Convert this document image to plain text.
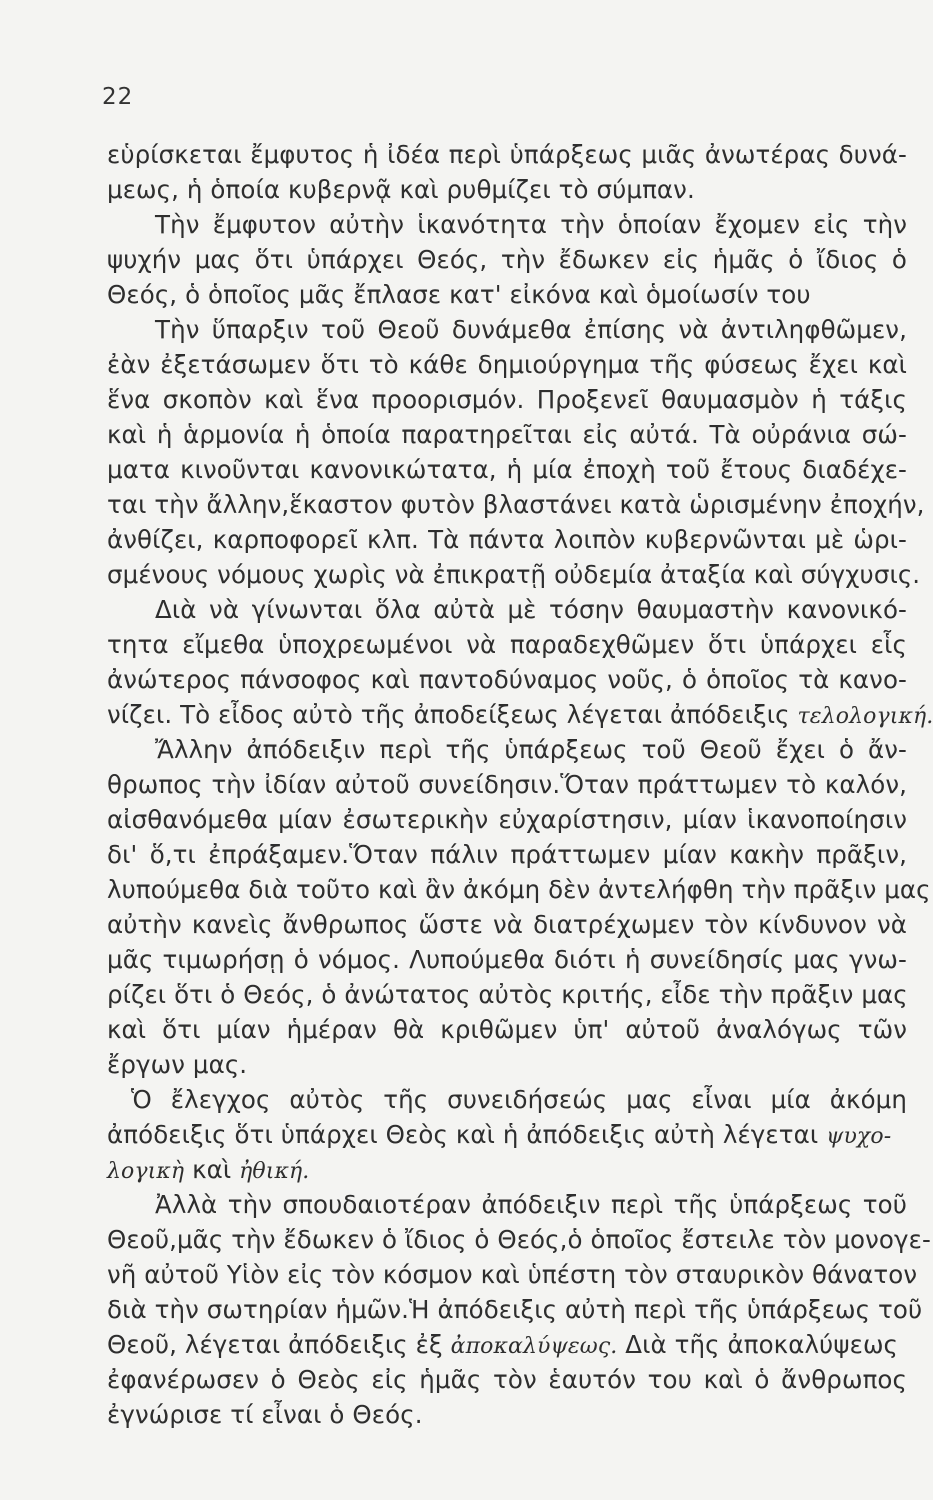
22
εὑρίσκεται ἔμφυτος ἡ ἰδέα περὶ ὑπάρξεως μιᾶς ἀνωτέρας δυνά-
μεως, ἡ ὁποία κυβερνᾷ καὶ ρυθμίζει τὸ σύμπαν.
Τὴν ἔμφυτον αὐτὴν ἱκανότητα τὴν ὁποίαν ἔχομεν εἰς τὴν
ψυχήν μας ὅτι ὑπάρχει Θεός, τὴν ἔδωκεν εἰς ἡμᾶς ὁ ἴδιος ὁ
Θεός, ὁ ὁποῖος μᾶς ἔπλασε κατ' εἰκόνα καὶ ὁμοίωσίν του
Τὴν ὕπαρξιν τοῦ Θεοῦ δυνάμεθα ἐπίσης νὰ ἀντιληφθῶμεν,
ἐὰν ἐξετάσωμεν ὅτι τὸ κάθε δημιούργημα τῆς φύσεως ἔχει καὶ
ἕνα σκοπὸν καὶ ἕνα προορισμόν. Προξενεῖ θαυμασμὸν ἡ τάξις
καὶ ἡ ἁρμονία ἡ ὁποία παρατηρεῖται εἰς αὐτά. Τὰ οὐράνια σώ-
ματα κινοῦνται κανονικώτατα, ἡ μία ἐποχὴ τοῦ ἔτους διαδέχε-
ται τὴν ἄλλην,ἕκαστον φυτὸν βλαστάνει κατὰ ὡρισμένην ἐποχήν,
ἀνθίζει, καρποφορεῖ κλπ. Τὰ πάντα λοιπὸν κυβερνῶνται μὲ ὡρι-
σμένους νόμους χωρὶς νὰ ἐπικρατῇ οὐδεμία ἀταξία καὶ σύγχυσις.
Διὰ νὰ γίνωνται ὅλα αὐτὰ μὲ τόσην θαυμαστὴν κανονικό-
τητα εἴμεθα ὑποχρεωμένοι νὰ παραδεχθῶμεν ὅτι ὑπάρχει εἷς
ἀνώτερος πάνσοφος καὶ παντοδύναμος νοῦς, ὁ ὁποῖος τὰ κανο-
νίζει. Τὸ εἶδος αὐτὸ τῆς ἀποδείξεως λέγεται ἀπόδειξις τελολογική.
Ἄλλην ἀπόδειξιν περὶ τῆς ὑπάρξεως τοῦ Θεοῦ ἔχει ὁ ἄν-
θρωπος τὴν ἰδίαν αὐτοῦ συνείδησιν.Ὅταν πράττωμεν τὸ καλόν,
αἰσθανόμεθα μίαν ἐσωτερικὴν εὐχαρίστησιν, μίαν ἱκανοποίησιν
δι' ὅ,τι ἐπράξαμεν.Ὅταν πάλιν πράττωμεν μίαν κακὴν πρᾶξιν,
λυπούμεθα διὰ τοῦτο καὶ ἂν ἀκόμη δὲν ἀντελήφθη τὴν πρᾶξιν μας
αὐτὴν κανεὶς ἄνθρωπος ὥστε νὰ διατρέχωμεν τὸν κίνδυνον νὰ
μᾶς τιμωρήσῃ ὁ νόμος. Λυπούμεθα διότι ἡ συνείδησίς μας γνω-
ρίζει ὅτι ὁ Θεός, ὁ ἀνώτατος αὐτὸς κριτής, εἶδε τὴν πρᾶξιν μας
καὶ ὅτι μίαν ἡμέραν θὰ κριθῶμεν ὑπ' αὐτοῦ ἀναλόγως τῶν
ἔργων μας.
Ὁ ἔλεγχος αὐτὸς τῆς συνειδήσεώς μας εἶναι μία ἀκόμη
ἀπόδειξις ὅτι ὑπάρχει Θεὸς καὶ ἡ ἀπόδειξις αὐτὴ λέγεται ψυχο-
λογικὴ καὶ ἠθική.
Ἀλλὰ τὴν σπουδαιοτέραν ἀπόδειξιν περὶ τῆς ὑπάρξεως τοῦ
Θεοῦ,μᾶς τὴν ἔδωκεν ὁ ἴδιος ὁ Θεός,ὁ ὁποῖος ἔστειλε τὸν μονογε-
νῆ αὐτοῦ Υἱὸν εἰς τὸν κόσμον καὶ ὑπέστη τὸν σταυρικὸν θάνατον
διὰ τὴν σωτηρίαν ἡμῶν.Ἡ ἀπόδειξις αὐτὴ περὶ τῆς ὑπάρξεως τοῦ
Θεοῦ, λέγεται ἀπόδειξις ἐξ ἀποκαλύψεως. Διὰ τῆς ἀποκαλύψεως
ἐφανέρωσεν ὁ Θεὸς εἰς ἡμᾶς τὸν ἑαυτόν του καὶ ὁ ἄνθρωπος
ἐγνώρισε τί εἶναι ὁ Θεός.
